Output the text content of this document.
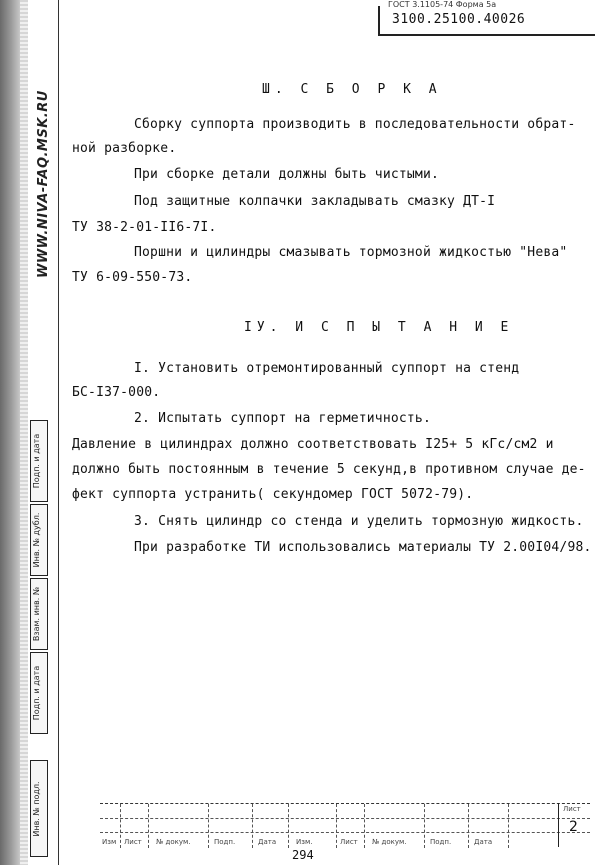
WWW.NIVA-FAQ.MSK.RU
Подп. и дата
Инв. № дубл.
Взам. инв. №
Подп. и дата
Инв. № подл.
ГОСТ 3.1105-74 Форма 5а
3100.25100.40026
Ш. С Б О Р К А
Сборку суппорта производить в последовательности обрат-
ной разборке.
При сборке детали должны быть чистыми.
Под защитные колпачки закладывать смазку ДТ-I
ТУ 38-2-01-II6-7I.
Поршни и цилиндры смазывать тормозной жидкостью "Нева"
ТУ 6-09-550-73.
IУ. И С П Ы Т А Н И Е
I. Установить отремонтированный суппорт на стенд
БС-I37-000.
2. Испытать суппорт на герметичность.
Давление в цилиндрах должно соответствовать I25+ 5 кГс/см2 и
должно быть постоянным в течение 5 секунд,в противном случае де-
фект суппорта устранить( секундомер ГОСТ 5072-79).
3. Снять цилиндр со стенда и уделить тормозную жидкость.
При разработке ТИ использовались материалы ТУ 2.00I04/98.
Изм Лист № докум.	Подп.	Дата	Изм.	Лист № докум.	Подп.	Дата
Лист
2
294
